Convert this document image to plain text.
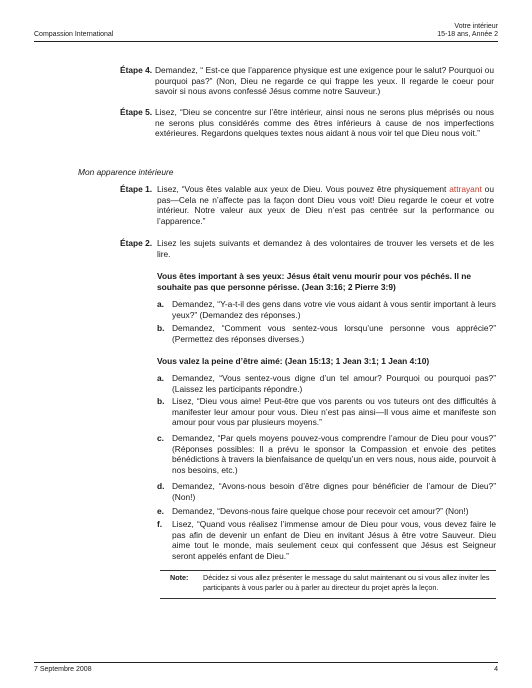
Compassion International
Votre intérieur
15-18 ans, Année 2
Étape 4. Demandez, “ Est-ce que l’apparence physique est une exigence pour le salut? Pourquoi ou pourquoi pas?” (Non, Dieu ne regarde ce qui frappe les yeux. Il regarde le coeur pour savoir si nous avons confessé Jésus comme notre Sauveur.)
Étape 5. Lisez, “Dieu se concentre sur l’être intérieur, ainsi nous ne serons plus méprisés ou nous ne serons plus considérés comme des êtres inférieurs à cause de nos imperfections extérieures. Regardons quelques textes nous aidant à nous voir tel que Dieu nous voit.”
Mon apparence intérieure
Étape 1. Lisez, “Vous êtes valable aux yeux de Dieu. Vous pouvez être physiquement attrayant ou pas—Cela ne n’affecte pas la façon dont Dieu vous voit! Dieu regarde le coeur et votre intérieur. Notre valeur aux yeux de Dieu n’est pas centrée sur la performance ou l’apparence.”
Étape 2. Lisez les sujets suivants et demandez à des volontaires de trouver les versets et de les lire.
Vous êtes important à ses yeux: Jésus était venu mourir pour vos péchés. Il ne souhaite pas que personne périsse. (Jean 3:16; 2 Pierre 3:9)
a. Demandez, “Y-a-t-il des gens dans votre vie vous aidant à vous sentir important à leurs yeux?” (Demandez des réponses.)
b. Demandez, “Comment vous sentez-vous lorsqu’une personne vous apprécie?” (Permettez des réponses diverses.)
Vous valez la peine d’être aimé: (Jean 15:13; 1 Jean 3:1; 1 Jean 4:10)
a. Demandez, “Vous sentez-vous digne d’un tel amour? Pourquoi ou pourquoi pas?” (Laissez les participants répondre.)
b. Lisez, “Dieu vous aime! Peut-être que vos parents ou vos tuteurs ont des difficultés à manifester leur amour pour vous. Dieu n’est pas ainsi—Il vous aime et manifeste son amour pour vous par plusieurs moyens.”
c. Demandez, “Par quels moyens pouvez-vous comprendre l’amour de Dieu pour vous?” (Réponses possibles: Il a prévu le sponsor la Compassion et envoie des petites bénédictions à travers la bienfaisance de quelqu’un en vers nous, nous aide, pourvoit à nos besoins, etc.)
d. Demandez, “Avons-nous besoin d’être dignes pour bénéficier de l’amour de Dieu?” (Non!)
e. Demandez, “Devons-nous faire quelque chose pour recevoir cet amour?” (Non!)
f. Lisez, “Quand vous réalisez l’immense amour de Dieu pour vous, vous devez faire le pas afin de devenir un enfant de Dieu en invitant Jésus à être votre Sauveur. Dieu aime tout le monde, mais seulement ceux qui confessent que Jésus est Seigneur seront appelés enfant de Dieu.”
Note: Décidez si vous allez présenter le message du salut maintenant ou si vous allez inviter les participants à vous parler ou à parler au directeur du projet après la leçon.
7 Septembre 2008	4
